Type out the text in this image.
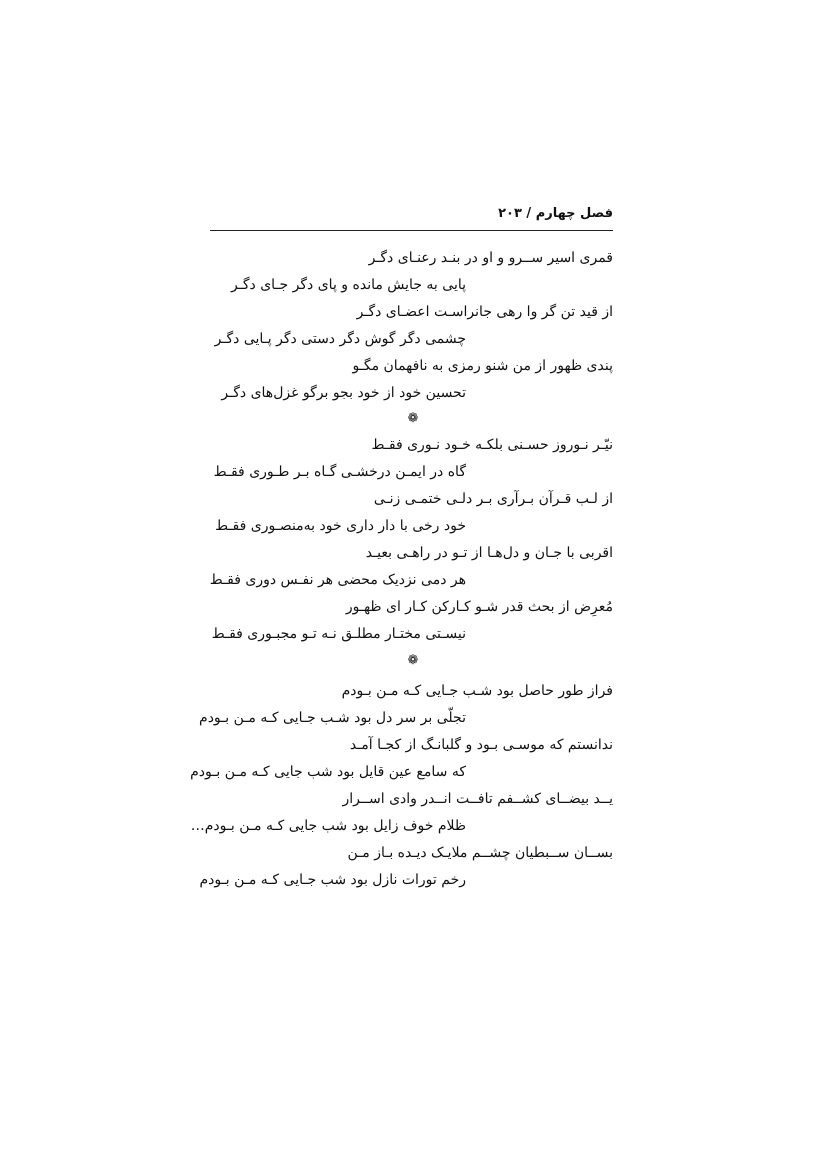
فصل چهارم / ۲۰۳
قمری اسیر ســرو و او در بنـد رعنـای دگـر
پایی به جایش مانده و پای دگر جـای دگـر
از قید تن گر وا رهی جانراسـت اعضـای دگـر
چشمی دگر گوش دگر دستی دگر پـایی دگـر
پندی ظهور از من شنو رمزی به نافهمان مگـو
تحسین خود از خود بجو برگو غزل‌های دگـر
❁
نیّـر نـوروز حسـنی بلکـه خـود نـوری فقـط
گاه در ایمـن درخشـی گـاه بـر طـوری فقـط
از لـب قـرآن بـرآری بـر دلـی ختمـی زنـی
خود رخی با دار داری خود به‌منصـوری فقـط
اقربی با جـان و دل‌هـا از تـو در راهـی بعیـد
هر دمی نزدیک محضی هر نفـس دوری فقـط
مُعرِض از بحث قدر شـو کـارکن کـار ای ظهـور
نیسـتی مختـار مطلـق نـه تـو مجبـوری فقـط
❁
فراز طور حاصل بود شـب جـایی کـه مـن بـودم
تجلّی بر سر دل بود شـب جـایی کـه مـن بـودم
ندانستم که موسـی بـود و گلبانـگ از کجـا آمـد
که سامع عین قایل بود شب جایی کـه مـن بـودم
یــد بیضــای کشــفم تافــت انــدر وادی اســرار
ظلام خوف زایل بود شب جایی کـه مـن بـودم…
بســان ســبطیان چشــم ملایـک دیـده بـاز مـن
رخم تورات نازل بود شب جـایی کـه مـن بـودم
